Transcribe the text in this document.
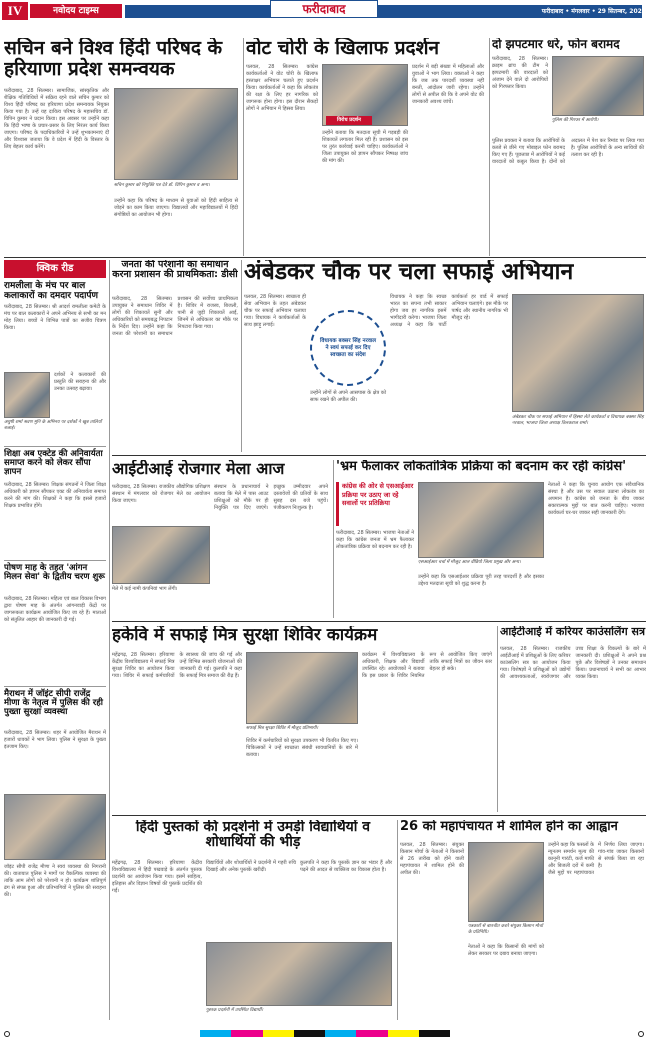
IV	नवोदय टाइम्स	फरीदाबाद	फरीदाबाद • मंगलवार • 29 सितम्बर, 2026
सचिन बने विश्व हिंदी परिषद के हरियाणा प्रदेश समन्वयक
फरीदाबाद, 28 सितम्बर। सामाजिक, सांस्कृतिक और शैक्षिक गतिविधियों में सक्रिय रहने वाले सचिन कुमार को विश्व हिंदी परिषद का हरियाणा प्रदेश समन्वयक नियुक्त किया गया है। उन्हें यह दायित्व परिषद के महासचिव डॉ. विपिन कुमार ने प्रदान किया। इस अवसर पर उन्होंने कहा कि हिंदी भाषा के प्रचार-प्रसार के लिए निरंतर कार्य किया जाएगा। परिषद के पदाधिकारियों ने उन्हें शुभकामनाएं दीं और विश्वास जताया कि वे प्रदेश में हिंदी के विस्तार के लिए बेहतर कार्य करेंगे।
सचिन कुमार को नियुक्ति पत्र देते डॉ. विपिन कुमार व अन्य।
उन्होंने कहा कि परिषद के माध्यम से युवाओं को हिंदी साहित्य से जोड़ने का काम किया जाएगा। विद्यालयों और महाविद्यालयों में हिंदी संगोष्ठियों का आयोजन भी होगा।
वोट चोरी के खिलाफ प्रदर्शन
पलवल, 28 सितम्बर। कांग्रेस कार्यकर्ताओं ने वोट चोरी के खिलाफ हस्ताक्षर अभियान चलाते हुए प्रदर्शन किया। कार्यकर्ताओं ने कहा कि लोकतंत्र की रक्षा के लिए हर नागरिक को जागरूक होना होगा। इस दौरान सैकड़ों लोगों ने अभियान में हिस्सा लिया।
विरोध प्रदर्शन
उन्होंने बताया कि मतदाता सूची में गड़बड़ी की शिकायतें लगातार मिल रही हैं। प्रशासन को इस पर तुरंत कार्रवाई करनी चाहिए। कार्यकर्ताओं ने जिला उपायुक्त को ज्ञापन सौंपकर निष्पक्ष जांच की मांग की।
प्रदर्शन में बड़ी संख्या में महिलाओं और युवाओं ने भाग लिया। वक्ताओं ने कहा कि जब तक पारदर्शी व्यवस्था नहीं बनती, आंदोलन जारी रहेगा। उन्होंने लोगों से अपील की कि वे अपने वोट की जानकारी अवश्य जांचें।
दो झपटमार धरे, फोन बरामद
फरीदाबाद, 28 सितम्बर। क्राइम ब्रांच की टीम ने झपटमारी की वारदातों को अंजाम देने वाले दो आरोपियों को गिरफ्तार किया।
पुलिस की गिरफ्त में आरोपी।
पुलिस प्रवक्ता ने बताया कि आरोपियों के कब्जे से छीने गए मोबाइल फोन बरामद किए गए हैं। पूछताछ में आरोपियों ने कई वारदातों को कबूल किया है। दोनों को अदालत में पेश कर रिमांड पर लिया गया है। पुलिस आरोपियों के अन्य साथियों की तलाश कर रही है।
क्विक रीड
रामलीला के मंच पर बाल कलाकारों का दमदार पदार्पण
फरीदाबाद, 28 सितम्बर। श्री आदर्श रामलीला कमेटी के मंच पर बाल कलाकारों ने अपने अभिनय से सभी का मन मोह लिया। बच्चों ने विभिन्न पात्रों का सजीव चित्रण किया।
दर्शकों ने कलाकारों की प्रस्तुति की सराहना की और उनका उत्साह बढ़ाया।
अयुषी शर्मा श्रवण मुनि के अभिनय पर दर्शकों ने खूब तालियाँ बजाई।
शिक्षा अब एक्टेड की अनिवार्यता समाप्त करने को लेकर सौंपा ज्ञापन
फरीदाबाद, 28 सितम्बर। शिक्षक संगठनों ने जिला शिक्षा अधिकारी को ज्ञापन सौंपकर एक्ट की अनिवार्यता समाप्त करने की मांग की। शिक्षकों ने कहा कि इससे हजारों शिक्षक प्रभावित होंगे।
पोषण माह के तहत 'आंगन मिलन सेवा' के द्वितीय चरण शुरू
फरीदाबाद, 28 सितम्बर। महिला एवं बाल विकास विभाग द्वारा पोषण माह के अंतर्गत आंगनवाड़ी केंद्रों पर जागरूकता कार्यक्रम आयोजित किए जा रहे हैं। माताओं को संतुलित आहार की जानकारी दी गई।
मैराथन में जॉइंट सीपी राजेंद्र मीणा के नेतृत्व में पुलिस की रही पुख्ता सुरक्षा व्यवस्था
फरीदाबाद, 28 सितम्बर। शहर में आयोजित मैराथन में हजारों धावकों ने भाग लिया। पुलिस ने सुरक्षा के पुख्ता इंतजाम किए।
जॉइंट सीपी राजेंद्र मीणा ने स्वयं व्यवस्था की निगरानी की। यातायात पुलिस ने मार्गों पर वैकल्पिक व्यवस्था की ताकि आम लोगों को परेशानी न हो। कार्यक्रम शांतिपूर्ण ढंग से संपन्न हुआ और प्रतिभागियों ने पुलिस की सराहना की।
जनता की परेशानी का समाधान करना प्रशासन की प्राथमिकता: डीसी
फरीदाबाद, 28 सितम्बर। उपायुक्त ने समाधान शिविर में लोगों की शिकायतें सुनीं और अधिकारियों को समयबद्ध निपटान के निर्देश दिए। उन्होंने कहा कि जनता की परेशानी का समाधान प्रशासन की सर्वोच्च प्राथमिकता है। शिविर में राजस्व, बिजली, पानी से जुड़ी शिकायतें आईं, जिनमें से अधिकतर का मौके पर निपटारा किया गया।
अंबेडकर चौक पर चला सफाई अभियान
पलवल, 28 सितम्बर। स्वच्छता ही सेवा अभियान के तहत अंबेडकर चौक पर सफाई अभियान चलाया गया। विधायक ने कार्यकर्ताओं के साथ झाड़ू लगाई।
विधायक बक्सर सिंह नरवाल ने स्वयं सफाई कर दिए स्वच्छता का संदेश
उन्होंने लोगों से अपने आसपास के क्षेत्र को साफ रखने की अपील की।
विधायक ने कहा कि स्वच्छ भारत का सपना तभी साकार होगा जब हर नागरिक इसमें भागीदारी करेगा। भाजपा जिला अध्यक्ष ने कहा कि पार्टी कार्यकर्ता हर वार्ड में सफाई अभियान चलाएंगे। इस मौके पर पार्षद और स्थानीय नागरिक भी मौजूद रहे।
अंबेडकर चौक पर सफाई अभियान में हिस्सा लेते कार्यकर्ता व विधायक बक्सर सिंह नरवाल, भाजपा जिला अध्यक्ष तिलकराज शर्मा।
आईटीआई रोजगार मेला आज
फरीदाबाद, 28 सितम्बर। राजकीय औद्योगिक प्रशिक्षण संस्थान में मंगलवार को रोजगार मेले का आयोजन किया जाएगा।
मेले में कई नामी कंपनियां भाग लेंगी।
संस्थान के प्रधानाचार्य ने बताया कि मेले में पास आउट प्रशिक्षुओं को मौके पर ही नियुक्ति पत्र दिए जाएंगे। इच्छुक उम्मीदवार अपने दस्तावेजों की प्रतियों के साथ सुबह दस बजे पहुंचें। पंजीकरण निःशुल्क है।
'भ्रम फैलाकर लोकतांत्रिक प्रक्रिया को बदनाम कर रही कांग्रेस'
कांग्रेस की ओर से एसआईआर प्रक्रिया पर उठाए जा रहे सवालों पर प्रतिक्रिया
फरीदाबाद, 28 सितम्बर। भाजपा नेताओं ने कहा कि कांग्रेस जनता में भ्रम फैलाकर लोकतांत्रिक प्रक्रिया को बदनाम कर रही है।
एसआईआर चर्चा में मौजूद आल वीडियो जिला प्रमुख और अन्य।
उन्होंने कहा कि एसआईआर प्रक्रिया पूरी तरह पारदर्शी है और इसका उद्देश्य मतदाता सूची को शुद्ध करना है।
नेताओं ने कहा कि चुनाव आयोग एक संवैधानिक संस्था है और उस पर सवाल उठाना लोकतंत्र का अपमान है। कांग्रेस को जनता के बीच जाकर सकारात्मक मुद्दों पर बात करनी चाहिए। भाजपा कार्यकर्ता घर-घर जाकर सही जानकारी देंगे।
हकेवि में सफाई मित्र सुरक्षा शिविर कार्यक्रम
महेंद्रगढ़, 28 सितम्बर। हरियाणा केंद्रीय विश्वविद्यालय में सफाई मित्र सुरक्षा शिविर का आयोजन किया गया। शिविर में सफाई कर्मचारियों के स्वास्थ्य की जांच की गई और उन्हें विभिन्न सरकारी योजनाओं की जानकारी दी गई। कुलपति ने कहा कि सफाई मित्र समाज की रीढ़ हैं।
सफाई मित्र सुरक्षा शिविर में मौजूद प्रतिभागी।
शिविर में कर्मचारियों को सुरक्षा उपकरण भी वितरित किए गए। चिकित्सकों ने उन्हें स्वच्छता संबंधी सावधानियों के बारे में बताया।
कार्यक्रम में विश्वविद्यालय के अधिकारी, शिक्षक और विद्यार्थी उपस्थित रहे। आयोजकों ने बताया कि इस प्रकार के शिविर नियमित रूप से आयोजित किए जाएंगे ताकि सफाई मित्रों का जीवन स्तर बेहतर हो सके।
आईटीआई में करियर काउंसलिंग सत्र
पलवल, 28 सितम्बर। राजकीय आईटीआई में प्रशिक्षुओं के लिए करियर काउंसलिंग सत्र का आयोजन किया गया। विशेषज्ञों ने प्रशिक्षुओं को उद्योगों की आवश्यकताओं, स्वरोजगार और उच्च शिक्षा के विकल्पों के बारे में जानकारी दी। प्रशिक्षुओं ने अपने प्रश्न पूछे और विशेषज्ञों ने उनका समाधान किया। प्रधानाचार्य ने सभी का आभार व्यक्त किया।
हिंदी पुस्तकों की प्रदर्शनी में उमड़ी विद्यार्थियों व शोधार्थियों की भीड़
महेंद्रगढ़, 28 सितम्बर। हरियाणा केंद्रीय विश्वविद्यालय में हिंदी पखवाड़े के अंतर्गत पुस्तक प्रदर्शनी का आयोजन किया गया। इसमें साहित्य, इतिहास और विज्ञान विषयों की पुस्तकें प्रदर्शित की गईं।
विद्यार्थियों और शोधार्थियों ने प्रदर्शनी में गहरी रुचि दिखाई और अनेक पुस्तकें खरीदीं।
पुस्तक प्रदर्शनी में उपस्थित विद्यार्थी।
कुलपति ने कहा कि पुस्तकें ज्ञान का भंडार हैं और पढ़ने की आदत से व्यक्तित्व का विकास होता है।
26 को महापंचायत में शामिल होने का आह्वान
पलवल, 28 सितम्बर। संयुक्त किसान मोर्चा के नेताओं ने किसानों से 26 तारीख को होने वाली महापंचायत में शामिल होने की अपील की।
पत्रकारों से बातचीत करते संयुक्त किसान मोर्चा के प्रतिनिधि।
नेताओं ने कहा कि किसानों की मांगों को लेकर सरकार पर दबाव बनाया जाएगा।
उन्होंने कहा कि फसलों के न्यूनतम समर्थन मूल्य की कानूनी गारंटी, कर्ज माफी और बिजली दरों में कमी जैसे मुद्दों पर महापंचायत में निर्णय लिया जाएगा। गांव-गांव जाकर किसानों से संपर्क किया जा रहा है।
